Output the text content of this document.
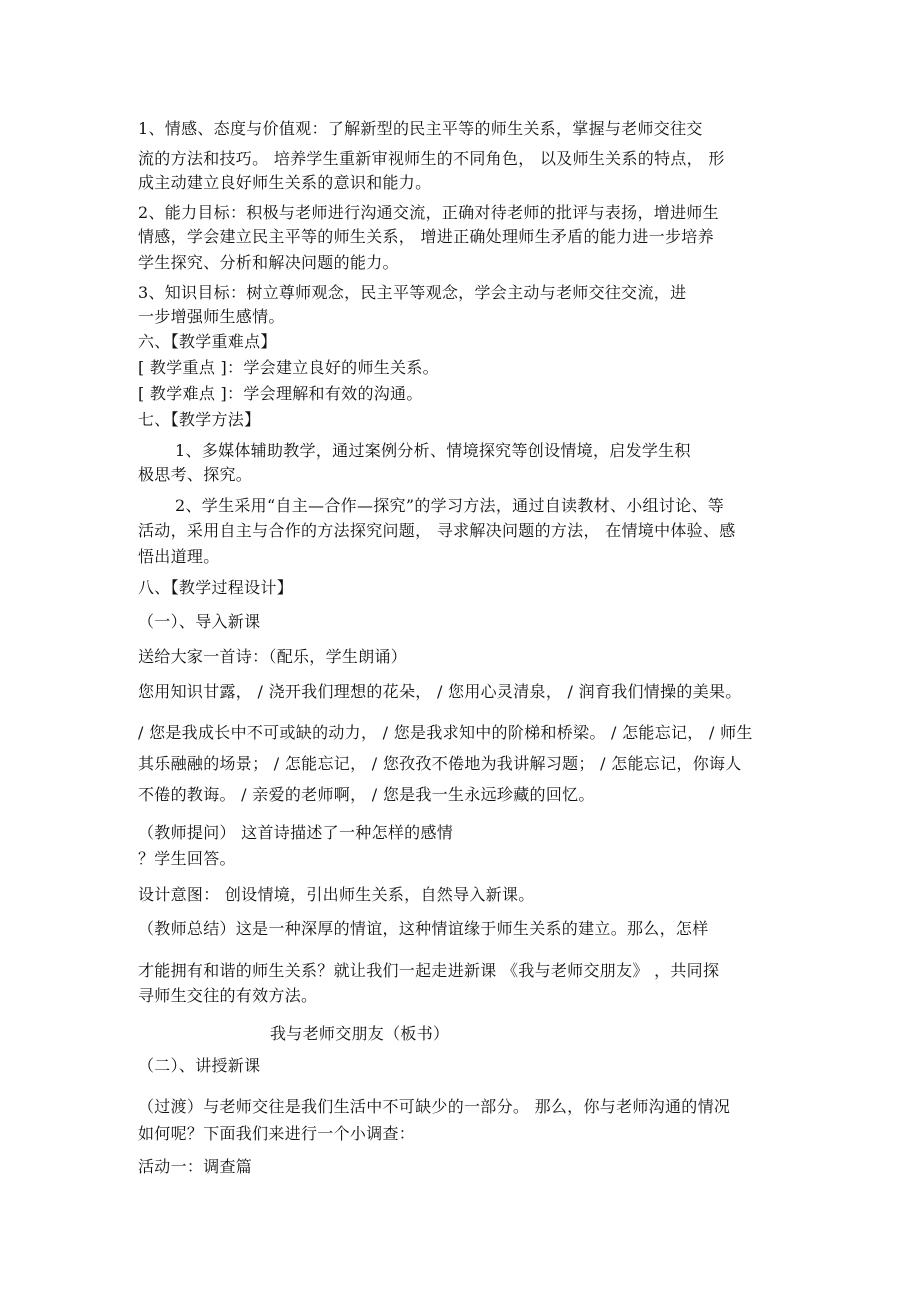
1、情感、态度与价值观：了解新型的民主平等的师生关系，掌握与老师交往交
流的方法和技巧。 培养学生重新审视师生的不同角色， 以及师生关系的特点， 形
成主动建立良好师生关系的意识和能力。
2、能力目标：积极与老师进行沟通交流，正确对待老师的批评与表扬，增进师生
情感，学会建立民主平等的师生关系， 增进正确处理师生矛盾的能力进一步培养
学生探究、分析和解决问题的能力。
3、知识目标：树立尊师观念，民主平等观念，学会主动与老师交往交流，进
一步增强师生感情。
六、【教学重难点】
[ 教学重点 ]：学会建立良好的师生关系。
[ 教学难点 ]：学会理解和有效的沟通。
七、【教学方法】
1、多媒体辅助教学，通过案例分析、情境探究等创设情境，启发学生积
极思考、探究。
2、学生采用“自主—合作—探究”的学习方法，通过自读教材、小组讨论、等
活动，采用自主与合作的方法探究问题， 寻求解决问题的方法， 在情境中体验、感
悟出道理。
八、【教学过程设计】
（一）、导入新课
送给大家一首诗：（配乐，学生朗诵）
您用知识甘露， / 浇开我们理想的花朵， / 您用心灵清泉， / 润育我们情操的美果。
/ 您是我成长中不可或缺的动力， / 您是我求知中的阶梯和桥梁。 / 怎能忘记， / 师生
其乐融融的场景； / 怎能忘记， / 您孜孜不倦地为我讲解习题； / 怎能忘记，你诲人
不倦的教诲。 / 亲爱的老师啊， / 您是我一生永远珍藏的回忆。
（教师提问） 这首诗描述了一种怎样的感情
？学生回答。
设计意图： 创设情境，引出师生关系，自然导入新课。
（教师总结）这是一种深厚的情谊，这种情谊缘于师生关系的建立。那么，怎样
才能拥有和谐的师生关系？就让我们一起走进新课 《我与老师交朋友》 ，共同探
寻师生交往的有效方法。
我与老师交朋友（板书）
（二）、讲授新课
（过渡）与老师交往是我们生活中不可缺少的一部分。 那么，你与老师沟通的情况
如何呢？下面我们来进行一个小调查：
活动一：调查篇
